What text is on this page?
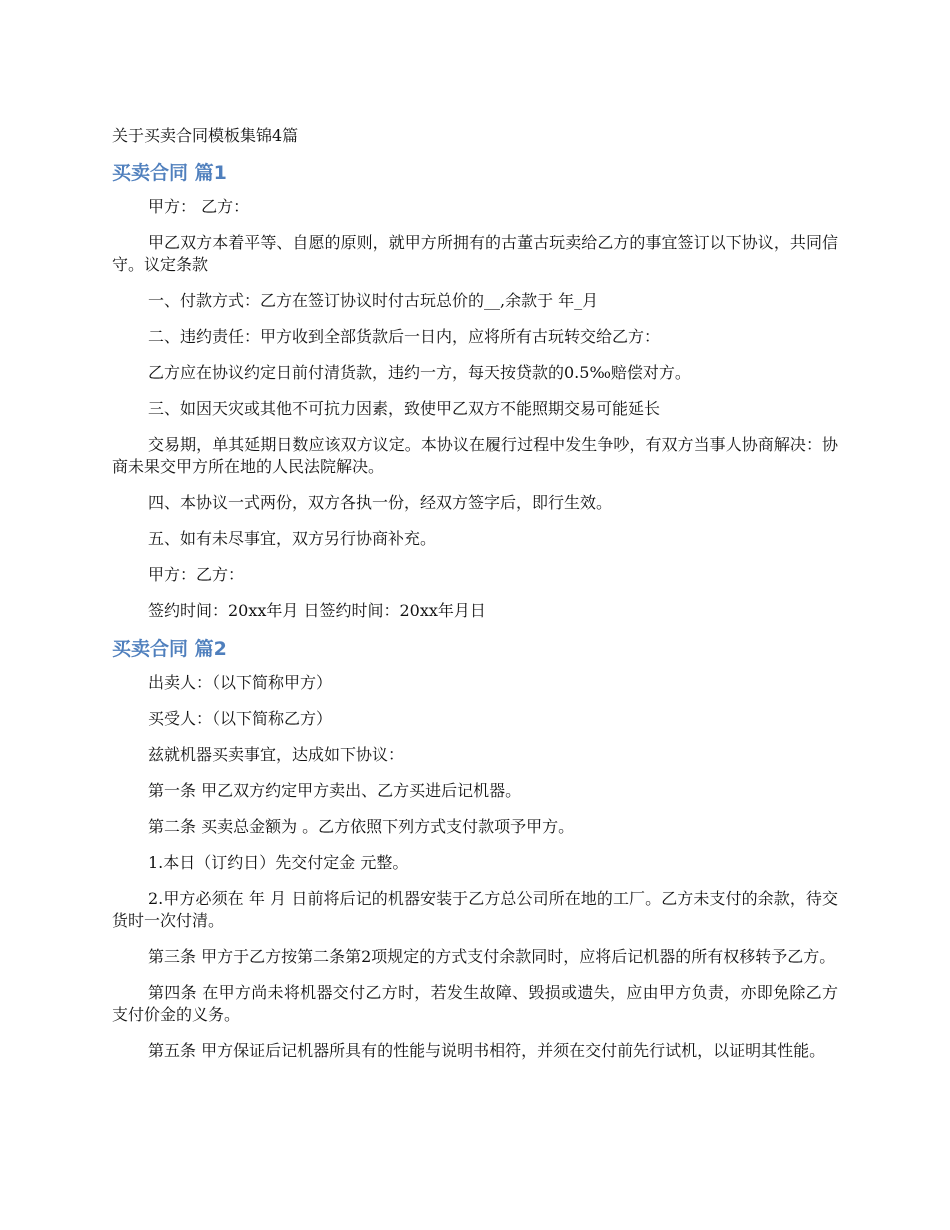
关于买卖合同模板集锦4篇
买卖合同 篇1

甲方： 乙方：

甲乙双方本着平等、自愿的原则，就甲方所拥有的古董古玩卖给乙方的事宜签订以下协议，共同信守。议定条款

一、付款方式：乙方在签订协议时付古玩总价的__,余款于 年_月

二、违约责任：甲方收到全部货款后一日内，应将所有古玩转交给乙方：

乙方应在协议约定日前付清货款，违约一方，每天按贷款的0.5‰赔偿对方。

三、如因天灾或其他不可抗力因素，致使甲乙双方不能照期交易可能延长

交易期，单其延期日数应该双方议定。本协议在履行过程中发生争吵，有双方当事人协商解决：协商未果交甲方所在地的人民法院解决。

四、本协议一式两份，双方各执一份，经双方签字后，即行生效。

五、如有未尽事宜，双方另行协商补充。

甲方：乙方：

签约时间：20xx年月 日签约时间：20xx年月日

买卖合同 篇2

出卖人：（以下简称甲方）

买受人：（以下简称乙方）

兹就机器买卖事宜，达成如下协议：

第一条 甲乙双方约定甲方卖出、乙方买进后记机器。

第二条 买卖总金额为 。乙方依照下列方式支付款项予甲方。

1.本日（订约日）先交付定金 元整。

2.甲方必须在 年 月 日前将后记的机器安装于乙方总公司所在地的工厂。乙方未支付的余款，待交货时一次付清。

第三条 甲方于乙方按第二条第2项规定的方式支付余款同时，应将后记机器的所有权移转予乙方。

第四条 在甲方尚未将机器交付乙方时，若发生故障、毁损或遗失，应由甲方负责，亦即免除乙方支付价金的义务。

第五条 甲方保证后记机器所具有的性能与说明书相符，并须在交付前先行试机，以证明其性能。
